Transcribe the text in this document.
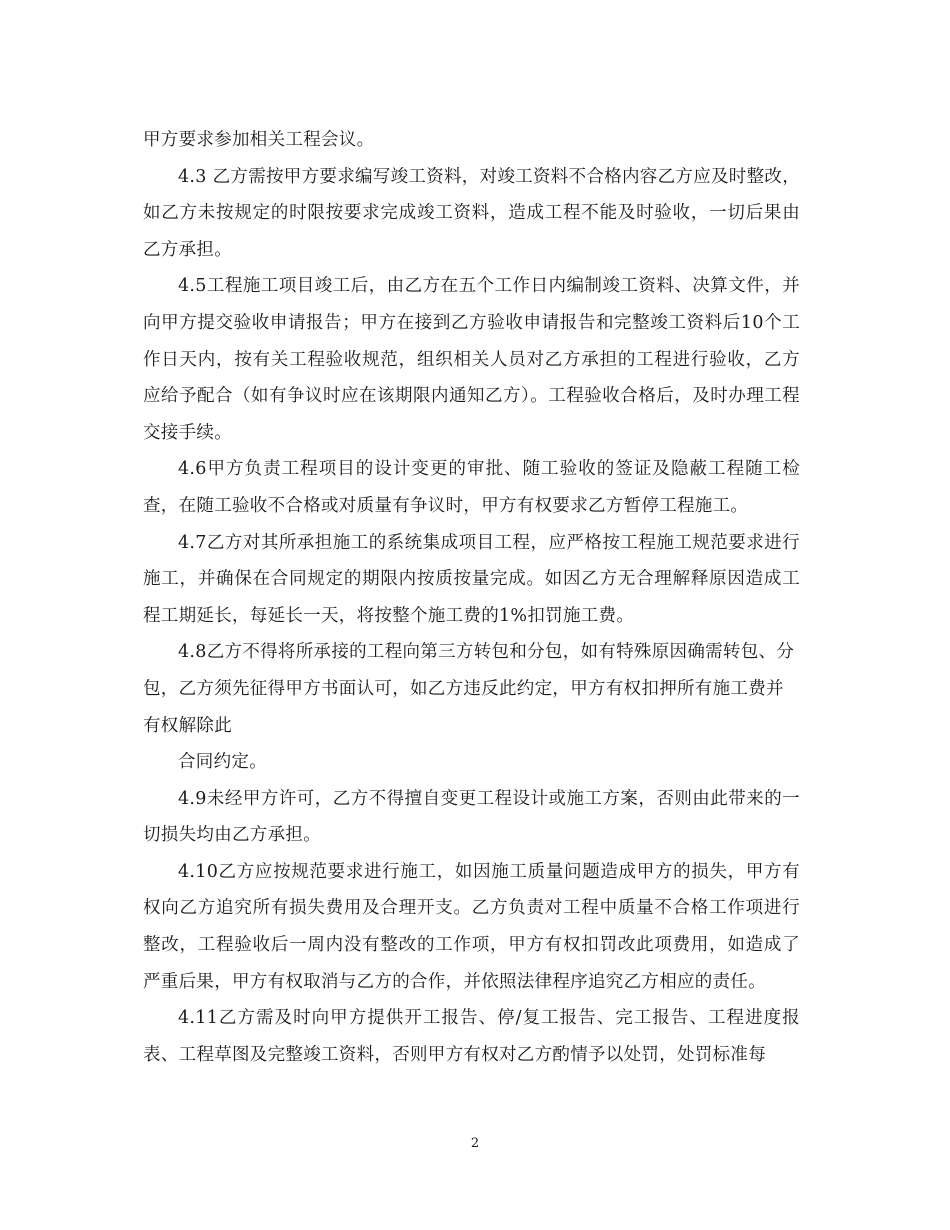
甲方要求参加相关工程会议。

4.3 乙方需按甲方要求编写竣工资料，对竣工资料不合格内容乙方应及时整改，如乙方未按规定的时限按要求完成竣工资料，造成工程不能及时验收，一切后果由乙方承担。

4.5工程施工项目竣工后，由乙方在五个工作日内编制竣工资料、决算文件，并向甲方提交验收申请报告；甲方在接到乙方验收申请报告和完整竣工资料后10个工作日天内，按有关工程验收规范，组织相关人员对乙方承担的工程进行验收，乙方应给予配合（如有争议时应在该期限内通知乙方）。工程验收合格后，及时办理工程交接手续。

4.6甲方负责工程项目的设计变更的审批、随工验收的签证及隐蔽工程随工检查，在随工验收不合格或对质量有争议时，甲方有权要求乙方暂停工程施工。

4.7乙方对其所承担施工的系统集成项目工程，应严格按工程施工规范要求进行施工，并确保在合同规定的期限内按质按量完成。如因乙方无合理解释原因造成工程工期延长，每延长一天，将按整个施工费的1%扣罚施工费。

4.8乙方不得将所承接的工程向第三方转包和分包，如有特殊原因确需转包、分包，乙方须先征得甲方书面认可，如乙方违反此约定，甲方有权扣押所有施工费并有权解除此

合同约定。

4.9未经甲方许可，乙方不得擅自变更工程设计或施工方案，否则由此带来的一切损失均由乙方承担。

4.10乙方应按规范要求进行施工，如因施工质量问题造成甲方的损失，甲方有权向乙方追究所有损失费用及合理开支。乙方负责对工程中质量不合格工作项进行整改，工程验收后一周内没有整改的工作项，甲方有权扣罚改此项费用，如造成了严重后果，甲方有权取消与乙方的合作，并依照法律程序追究乙方相应的责任。

4.11乙方需及时向甲方提供开工报告、停/复工报告、完工报告、工程进度报表、工程草图及完整竣工资料，否则甲方有权对乙方酌情予以处罚，处罚标准每

2
